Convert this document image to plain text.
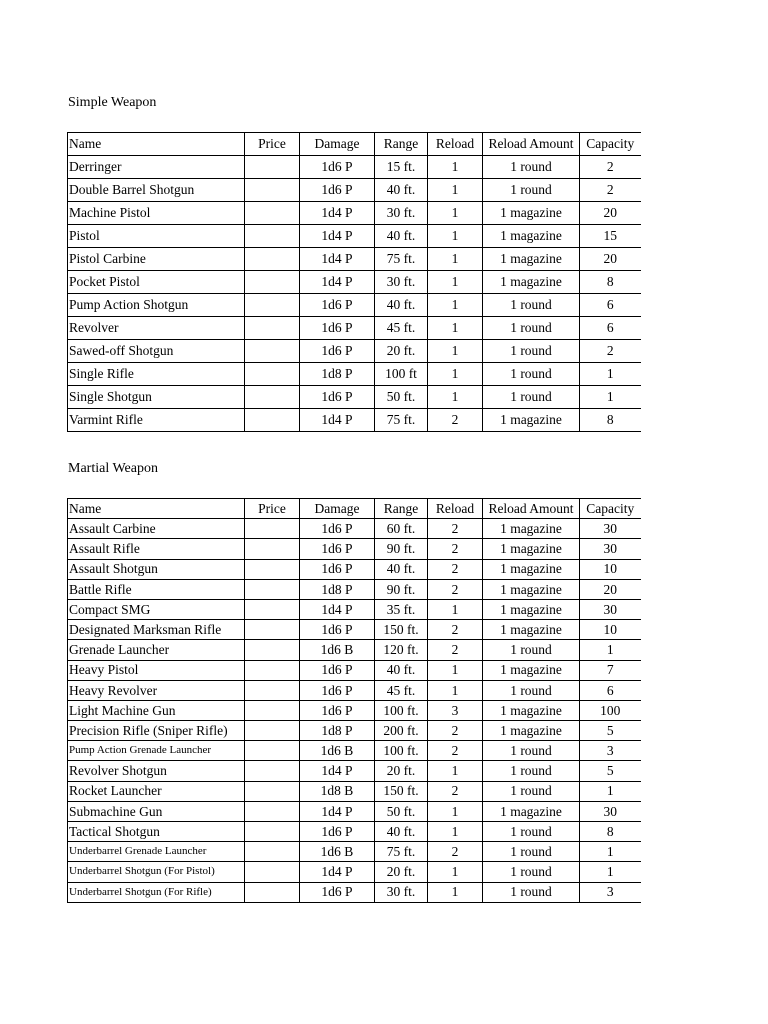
Simple Weapon
Name	Price	Damage	Range	Reload	Reload Amount	Capacity
Derringer		1d6 P	15 ft.	1	1 round	2
Double Barrel Shotgun		1d6 P	40 ft.	1	1 round	2
Machine Pistol		1d4 P	30 ft.	1	1 magazine	20
Pistol		1d4 P	40 ft.	1	1 magazine	15
Pistol Carbine		1d4 P	75 ft.	1	1 magazine	20
Pocket Pistol		1d4 P	30 ft.	1	1 magazine	8
Pump Action Shotgun		1d6 P	40 ft.	1	1 round	6
Revolver		1d6 P	45 ft.	1	1 round	6
Sawed-off Shotgun		1d6 P	20 ft.	1	1 round	2
Single Rifle		1d8 P	100 ft	1	1 round	1
Single Shotgun		1d6 P	50 ft.	1	1 round	1
Varmint Rifle		1d4 P	75 ft.	2	1 magazine	8
Martial Weapon
Name	Price	Damage	Range	Reload	Reload Amount	Capacity
Assault Carbine		1d6 P	60 ft.	2	1 magazine	30
Assault Rifle		1d6 P	90 ft.	2	1 magazine	30
Assault Shotgun		1d6 P	40 ft.	2	1 magazine	10
Battle Rifle		1d8 P	90 ft.	2	1 magazine	20
Compact SMG		1d4 P	35 ft.	1	1 magazine	30
Designated Marksman Rifle		1d6 P	150 ft.	2	1 magazine	10
Grenade Launcher		1d6 B	120 ft.	2	1 round	1
Heavy Pistol		1d6 P	40 ft.	1	1 magazine	7
Heavy Revolver		1d6 P	45 ft.	1	1 round	6
Light Machine Gun		1d6 P	100 ft.	3	1 magazine	100
Precision Rifle (Sniper Rifle)		1d8 P	200 ft.	2	1 magazine	5
Pump Action Grenade Launcher		1d6 B	100 ft.	2	1 round	3
Revolver Shotgun		1d4 P	20 ft.	1	1 round	5
Rocket Launcher		1d8 B	150 ft.	2	1 round	1
Submachine Gun		1d4 P	50 ft.	1	1 magazine	30
Tactical Shotgun		1d6 P	40 ft.	1	1 round	8
Underbarrel Grenade Launcher		1d6 B	75 ft.	2	1 round	1
Underbarrel Shotgun (For Pistol)		1d4 P	20 ft.	1	1 round	1
Underbarrel Shotgun (For Rifle)		1d6 P	30 ft.	1	1 round	3
